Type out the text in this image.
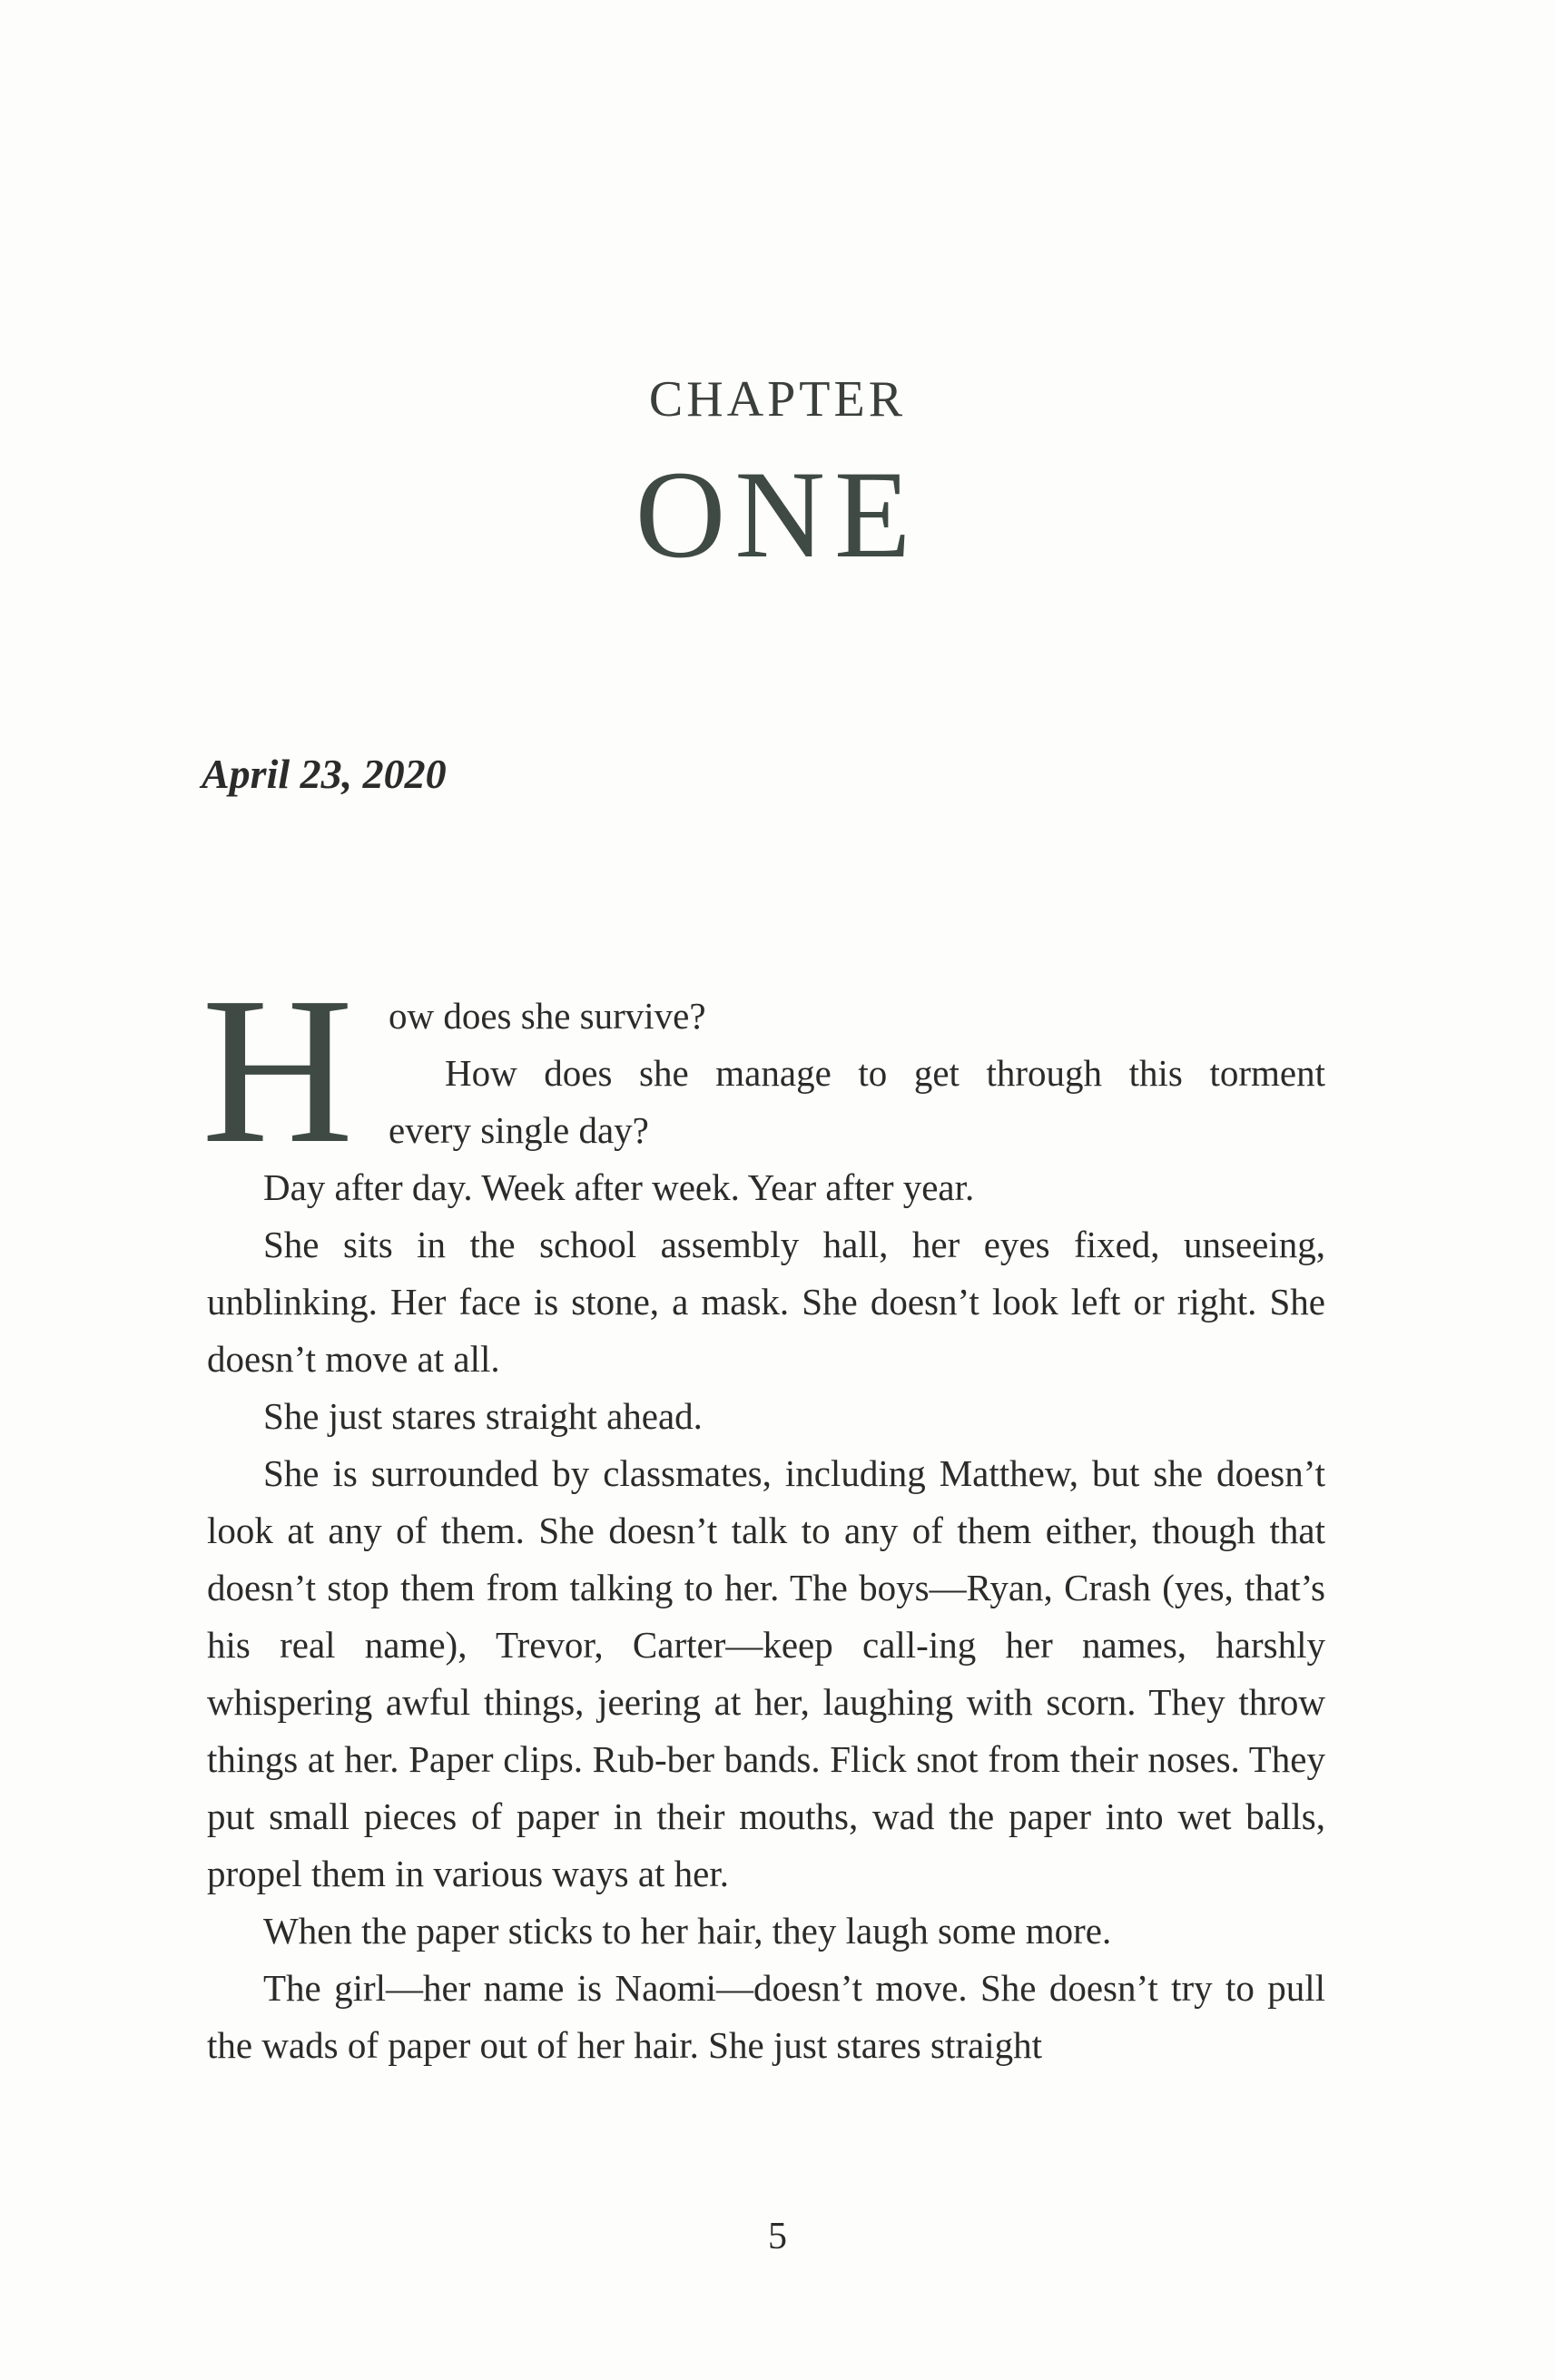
CHAPTER
ONE
April 23, 2020
H ow does she survive?
How does she manage to get through this torment
every single day?

Day after day. Week after week. Year after year.

She sits in the school assembly hall, her eyes fixed, unseeing, unblinking. Her face is stone, a mask. She doesn’t look left or right. She doesn’t move at all.

She just stares straight ahead.

She is surrounded by classmates, including Matthew, but she doesn’t look at any of them. She doesn’t talk to any of them either, though that doesn’t stop them from talking to her. The boys—Ryan, Crash (yes, that’s his real name), Trevor, Carter—keep call-ing her names, harshly whispering awful things, jeering at her, laughing with scorn. They throw things at her. Paper clips. Rub-ber bands. Flick snot from their noses. They put small pieces of paper in their mouths, wad the paper into wet balls, propel them in various ways at her.

When the paper sticks to her hair, they laugh some more.

The girl—her name is Naomi—doesn’t move. She doesn’t try to pull the wads of paper out of her hair. She just stares straight

5
